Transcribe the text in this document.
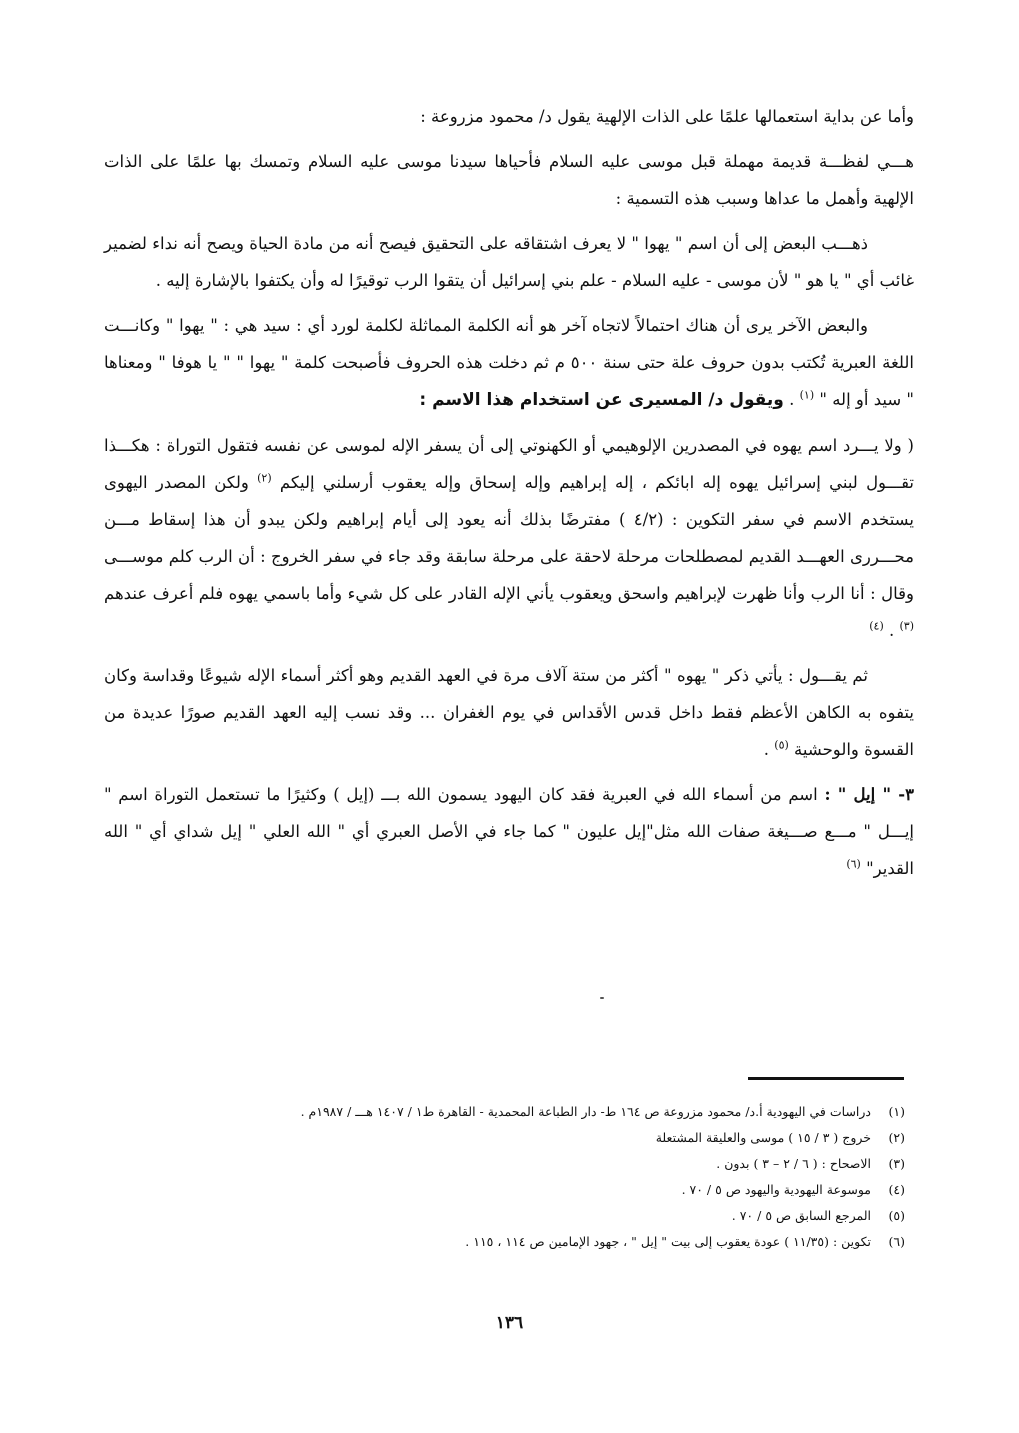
وأما عن بداية استعمالها علمًا على الذات الإلهية يقول د/ محمود مزروعة :

هـــي لفظـــة قديمة مهملة قبل موسى عليه السلام فأحياها سيدنا موسى عليه السلام وتمسك بها علمًا على الذات الإلهية وأهمل ما عداها وسبب هذه التسمية :

ذهـــب البعض إلى أن اسم " يهوا " لا يعرف اشتقاقه على التحقيق فيصح أنه من مادة الحياة ويصح أنه نداء لضمير غائب أي " يا هو " لأن موسى - عليه السلام - علم بني إسرائيل أن يتقوا الرب توقيرًا له وأن يكتفوا بالإشارة إليه .

والبعض الآخر يرى أن هناك احتمالاً لاتجاه آخر هو أنه الكلمة المماثلة لكلمة لورد أي : سيد هي : " يهوا " وكانـــت اللغة العبرية تُكتب بدون حروف علة حتى سنة ٥٠٠ م ثم دخلت هذه الحروف فأصبحت كلمة " يهوا " " يا هوفا " ومعناها " سيد أو إله " $^{(١)}$ . ويقول د/ المسيرى عن استخدام هذا الاسم :

( ولا يـــرد اسم يهوه في المصدرين الإلوهيمي أو الكهنوتي إلى أن يسفر الإله لموسى عن نفسه فتقول التوراة : هكـــذا تقـــول لبني إسرائيل يهوه إله ابائكم ، إله إبراهيم وإله إسحاق وإله يعقوب أرسلني إليكم $^{(٢)}$ ولكن المصدر اليهوى يستخدم الاسم في سفر التكوين : (٤/٢ ) مفترضًا بذلك أنه يعود إلى أيام إبراهيم ولكن يبدو أن هذا إسقاط مـــن محـــررى العهـــد القديم لمصطلحات مرحلة لاحقة على مرحلة سابقة وقد جاء في سفر الخروج : أن الرب كلم موســـى وقال : أنا الرب وأنا ظهرت لإبراهيم واسحق ويعقوب يأني الإله القادر على كل شيء وأما باسمي يهوه فلم أعرف عندهم $^{(٣)}$ . $^{(٤)}$

ثم يقـــول : يأتي ذكر " يهوه " أكثر من ستة آلاف مرة في العهد القديم وهو أكثر أسماء الإله شيوعًا وقداسة وكان يتفوه به الكاهن الأعظم فقط داخل قدس الأقداس في يوم الغفران ... وقد نسب إليه العهد القديم صورًا عديدة من القسوة والوحشية $^{(٥)}$ .

٣- " إيل " : اسم من أسماء الله في العبرية فقد كان اليهود يسمون الله بـــ (إيل ) وكثيرًا ما تستعمل التوراة اسم " إيـــل " مـــع صـــيغة صفات الله مثل"إيل عليون " كما جاء في الأصل العبري أي " الله العلي " إيل شداي أي " الله القدير" $^{(٦)}$

(١)
دراسات في اليهودية أ.د/ محمود مزروعة ص ١٦٤ ط- دار الطباعة المحمدية - القاهرة ط١ / ١٤٠٧ هـــ / ١٩٨٧م .
(٢)
خروج ( ٣ / ١٥ ) موسى والعليقة المشتعلة
(٣)
الاصحاح : ( ٦ / ٢ – ٣ ) بدون .
(٤)
موسوعة اليهودية واليهود ص ٥ / ٧٠ .
(٥)
المرجع السابق ص ٥ / ٧٠ .
(٦)
تكوين : (١١/٣٥ ) عودة يعقوب إلى بيت " إيل " ، جهود الإمامين ص ١١٤ ، ١١٥ .
١٣٦
